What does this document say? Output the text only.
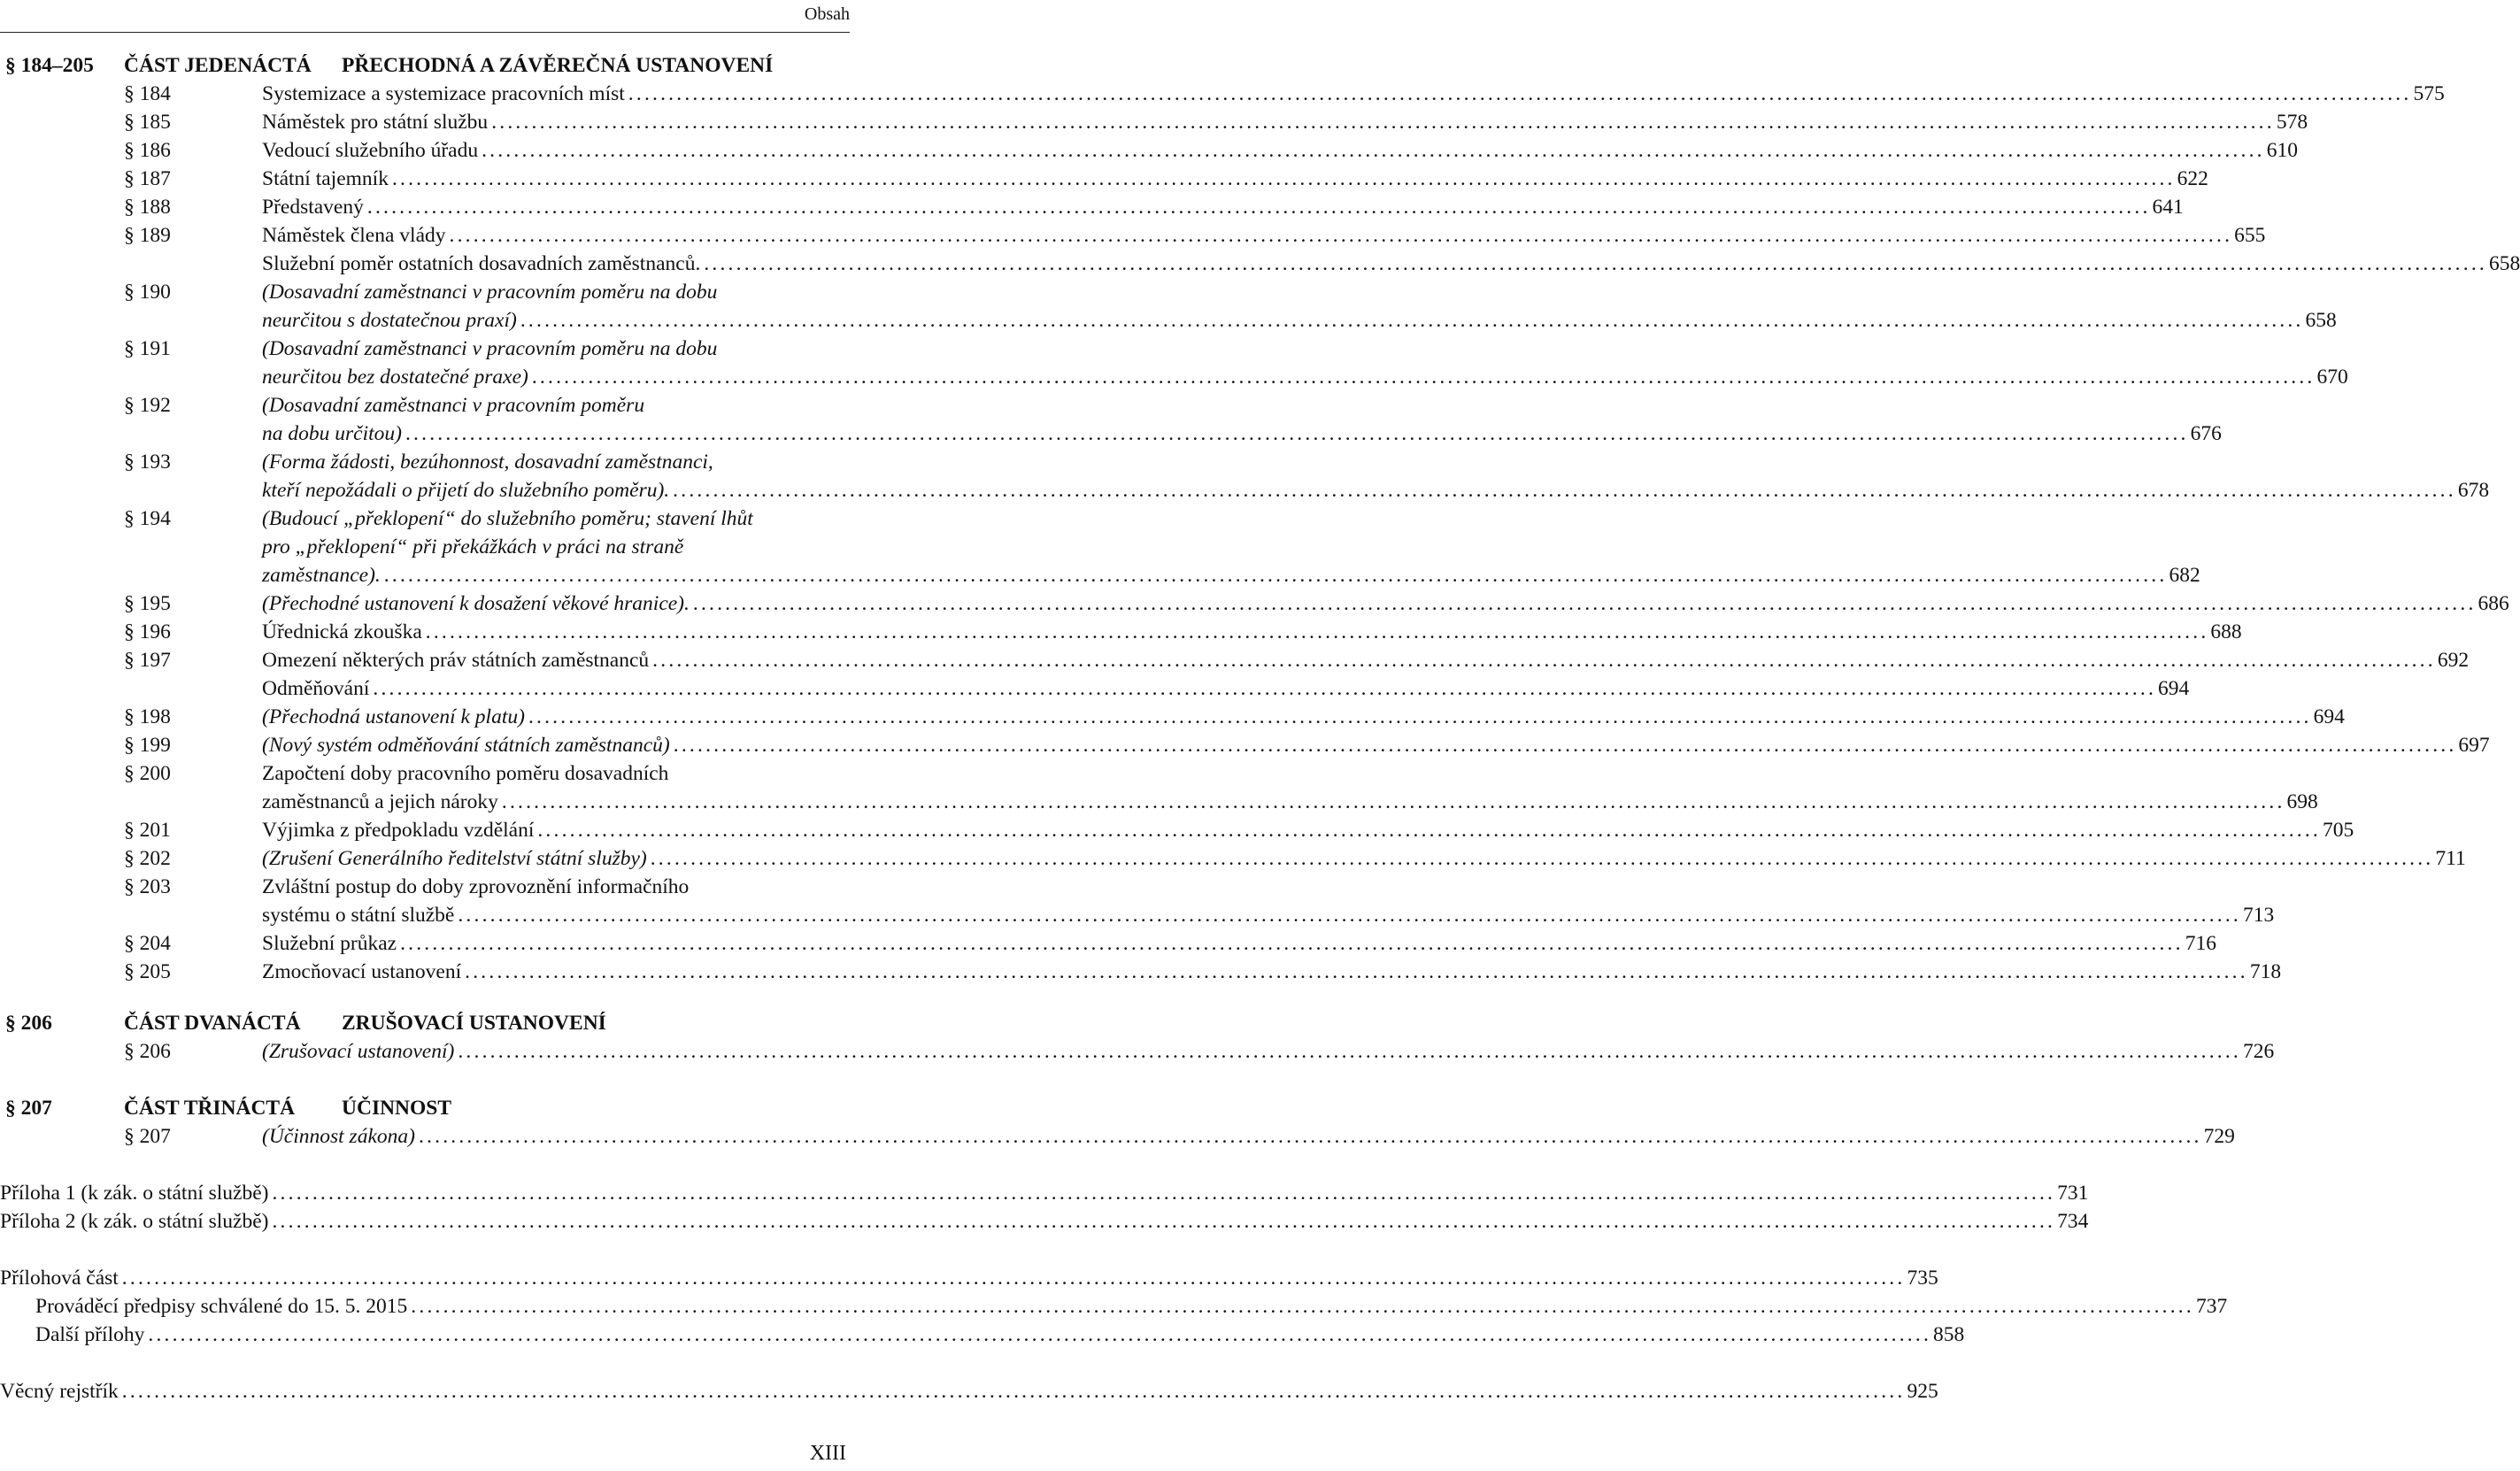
Obsah
§ 184–205 ČÁST JEDENÁCTÁ PŘECHODNÁ A ZÁVĚREČNÁ USTANOVENÍ
§ 184	Systemizace a systemizace pracovních míst .....	575
§ 185	Náměstek pro státní službu .....	578
§ 186	Vedoucí služebního úřadu .....	610
§ 187	Státní tajemník .....	622
§ 188	Představený .....	641
§ 189	Náměstek člena vlády .....	655
Služební poměr ostatních dosavadních zaměstnanců. .....	658
§ 190	(Dosavadní zaměstnanci v pracovním poměru na dobu
neurčitou s dostatečnou praxí) .....	658
§ 191	(Dosavadní zaměstnanci v pracovním poměru na dobu
neurčitou bez dostatečné praxe) .....	670
§ 192	(Dosavadní zaměstnanci v pracovním poměru
na dobu určitou) .....	676
§ 193	(Forma žádosti, bezúhonnost, dosavadní zaměstnanci,
kteří nepožádali o přijetí do služebního poměru). .....	678
§ 194	(Budoucí „překlopení“ do služebního poměru; stavení lhůt
pro „překlopení“ při překážkách v práci na straně
zaměstnance). .....	682
§ 195	(Přechodné ustanovení k dosažení věkové hranice). .....	686
§ 196	Úřednická zkouška .....	688
§ 197	Omezení některých práv státních zaměstnanců .....	692
Odměňování .....	694
§ 198	(Přechodná ustanovení k platu) .....	694
§ 199	(Nový systém odměňování státních zaměstnanců) .....	697
§ 200	Započtení doby pracovního poměru dosavadních
zaměstnanců a jejich nároky .....	698
§ 201	Výjimka z předpokladu vzdělání .....	705
§ 202	(Zrušení Generálního ředitelství státní služby) .....	711
§ 203	Zvláštní postup do doby zprovoznění informačního
systému o státní službě .....	713
§ 204	Služební průkaz .....	716
§ 205	Zmocňovací ustanovení .....	718
§ 206	ČÁST DVANÁCTÁ ZRUŠOVACÍ USTANOVENÍ
§ 206	(Zrušovací ustanovení) .....	726
§ 207	ČÁST TŘINÁCTÁ ÚČINNOST
§ 207	(Účinnost zákona) .....	729
Příloha 1 (k zák. o státní službě) .....	731
Příloha 2 (k zák. o státní službě) .....	734
Přílohová část .....	735
Prováděcí předpisy schválené do 15. 5. 2015 .....	737
Další přílohy .....	858
Věcný rejstřík .....	925
XIII
